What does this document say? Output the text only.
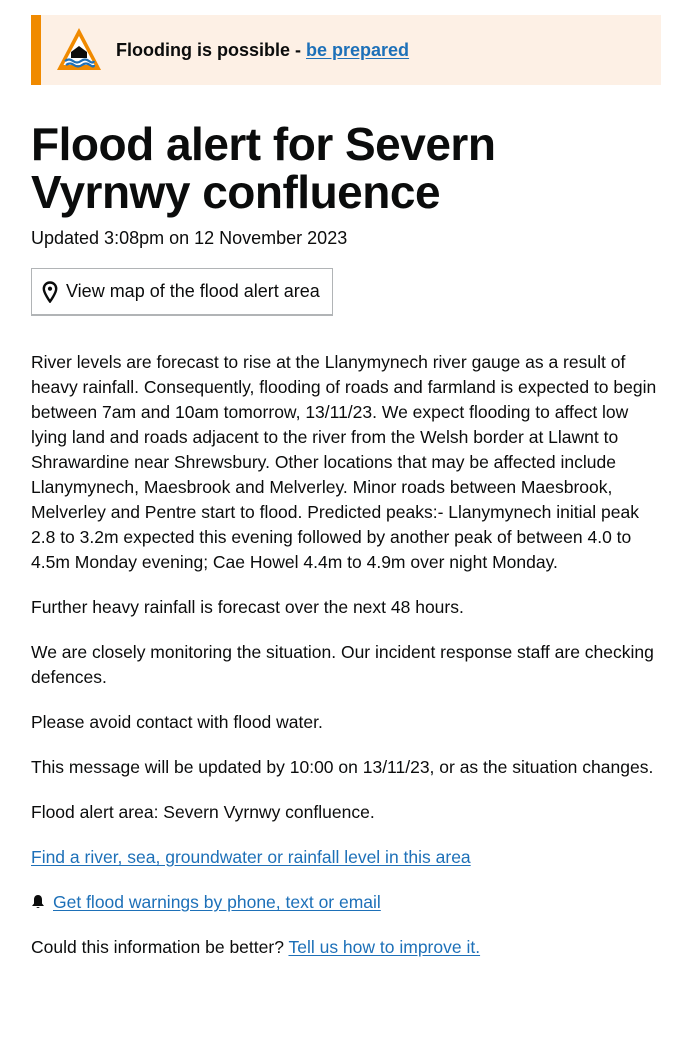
Flooding is possible - be prepared
Flood alert for Severn Vyrnwy confluence
Updated 3:08pm on 12 November 2023
View map of the flood alert area

River levels are forecast to rise at the Llanymynech river gauge as a result of heavy rainfall. Consequently, flooding of roads and farmland is expected to begin between 7am and 10am tomorrow, 13/11/23. We expect flooding to affect low lying land and roads adjacent to the river from the Welsh border at Llawnt to Shrawardine near Shrewsbury. Other locations that may be affected include Llanymynech, Maesbrook and Melverley. Minor roads between Maesbrook, Melverley and Pentre start to flood. Predicted peaks:- Llanymynech initial peak 2.8 to 3.2m expected this evening followed by another peak of between 4.0 to 4.5m Monday evening; Cae Howel 4.4m to 4.9m over night Monday.

Further heavy rainfall is forecast over the next 48 hours.

We are closely monitoring the situation. Our incident response staff are checking defences.

Please avoid contact with flood water.

This message will be updated by 10:00 on 13/11/23, or as the situation changes.

Flood alert area: Severn Vyrnwy confluence.

Find a river, sea, groundwater or rainfall level in this area

Get flood warnings by phone, text or email

Could this information be better? Tell us how to improve it.
